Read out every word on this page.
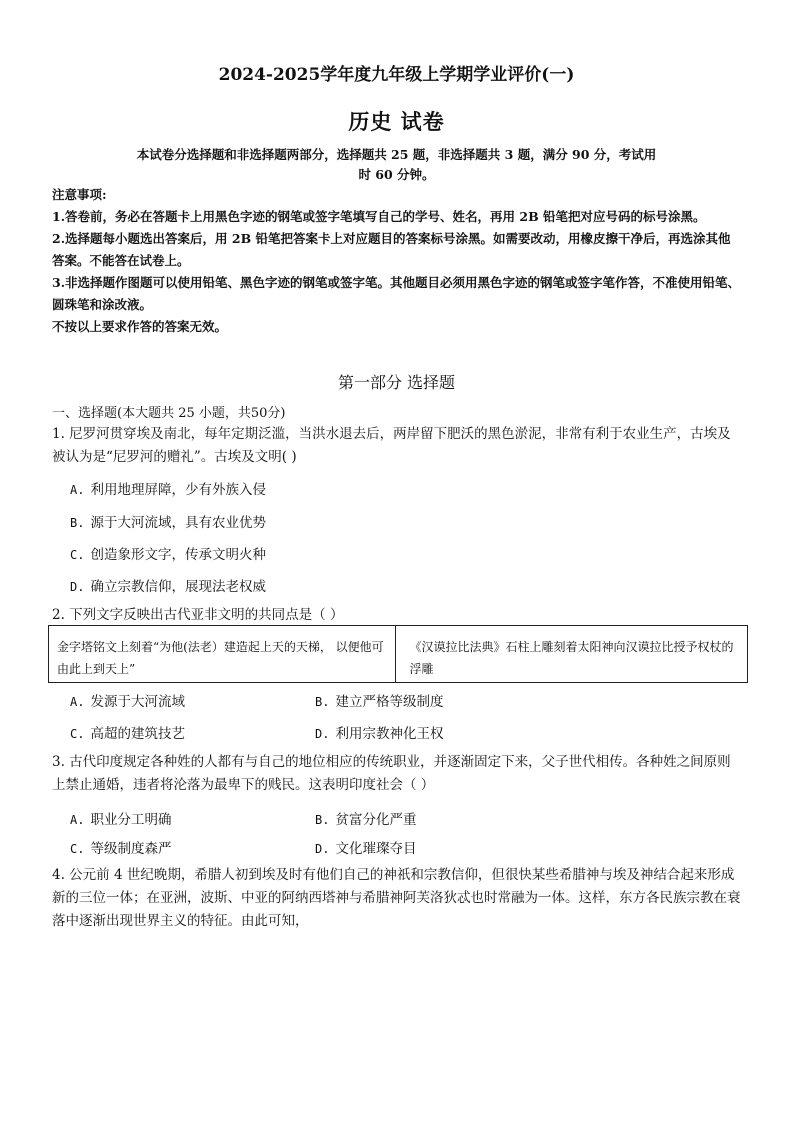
2024-2025学年度九年级上学期学业评价(一)
历史 试卷
本试卷分选择题和非选择题两部分，选择题共 25 题，非选择题共 3 题，满分 90 分，考试用
时 60 分钟。

注意事项:

1.答卷前，务必在答题卡上用黑色字迹的钢笔或签字笔填写自己的学号、姓名，再用 2B 铅笔把对应号码的标号涂黑。

2.选择题每小题选出答案后，用 2B 铅笔把答案卡上对应题目的答案标号涂黑。如需要改动，用橡皮擦干净后，再选涂其他答案。不能答在试卷上。

3.非选择题作图题可以使用铅笔、黑色字迹的钢笔或签字笔。其他题目必须用黑色字迹的钢笔或签字笔作答，不准使用铅笔、圆珠笔和涂改液。

不按以上要求作答的答案无效。

第一部分 选择题
一、选择题(本大题共 25 小题，共50分)
1. 尼罗河贯穿埃及南北，每年定期泛滥，当洪水退去后，两岸留下肥沃的黑色淤泥，非常有利于农业生产，古埃及被认为是“尼罗河的赠礼”。古埃及文明( )
A. 利用地理屏障，少有外族入侵
B. 源于大河流域，具有农业优势
C. 创造象形文字，传承文明火种
D. 确立宗教信仰，展现法老权威
2. 下列文字反映出古代亚非文明的共同点是（ ）
金字塔铭文上刻着“为他(法老）建造起上天的天梯， 以便他可由此上到天上”
《汉谟拉比法典》石柱上雕刻着太阳神向汉谟拉比授予权杖的浮雕
A. 发源于大河流域	B. 建立严格等级制度
C. 高超的建筑技艺	D. 利用宗教神化王权
3. 古代印度规定各种姓的人都有与自己的地位相应的传统职业，并逐渐固定下来，父子世代相传。各种姓之间原则上禁止通婚，违者将沦落为最卑下的贱民。这表明印度社会（ ）
A. 职业分工明确	B. 贫富分化严重
C. 等级制度森严	D. 文化璀璨夺目
4. 公元前 4 世纪晚期，希腊人初到埃及时有他们自己的神祇和宗教信仰，但很快某些希腊神与埃及神结合起来形成新的三位一体；在亚洲，波斯、中亚的阿纳西塔神与希腊神阿芙洛狄忒也时常融为一体。这样，东方各民族宗教在衰落中逐渐出现世界主义的特征。由此可知，
